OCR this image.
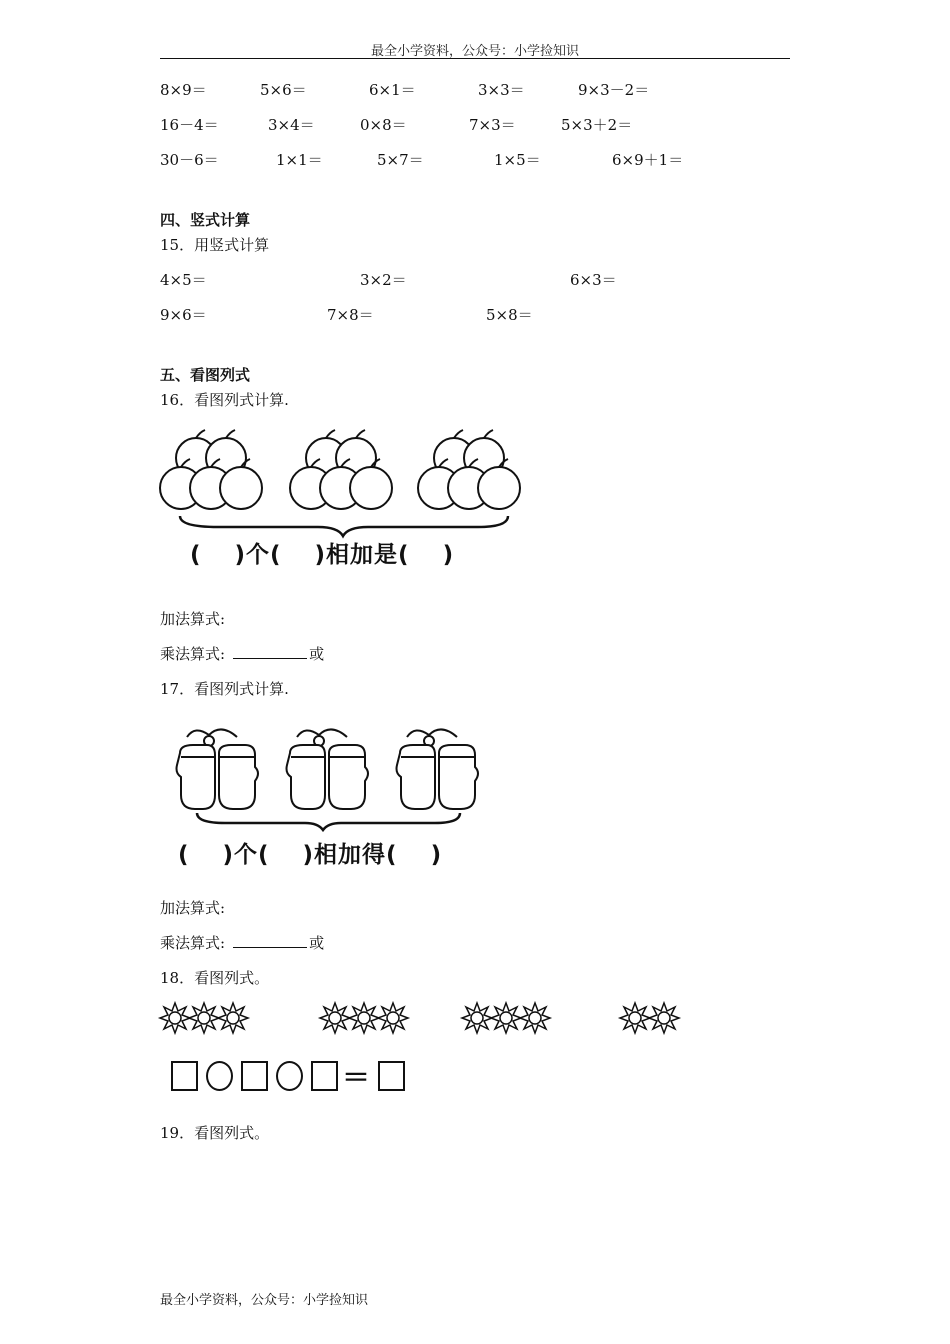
最全小学资料，公众号：小学捡知识
8×9＝	5×6＝	6×1＝	3×3＝	9×3－2＝
16－4＝	3×4＝	0×8＝	7×3＝	5×3＋2＝
30－6＝	1×1＝	5×7＝	1×5＝	6×9＋1＝
四、竖式计算
15．用竖式计算
4×5＝	3×2＝	6×3＝
9×6＝	7×8＝	5×8＝
五、看图列式
16．看图列式计算.
(　 )个(　 )相加是(　 )
加法算式:
乘法算式:	或
17．看图列式计算.
(　 )个(　 )相加得(　 )
加法算式:
乘法算式:	或
18．看图列式。
＝
19．看图列式。
最全小学资料，公众号：小学捡知识
